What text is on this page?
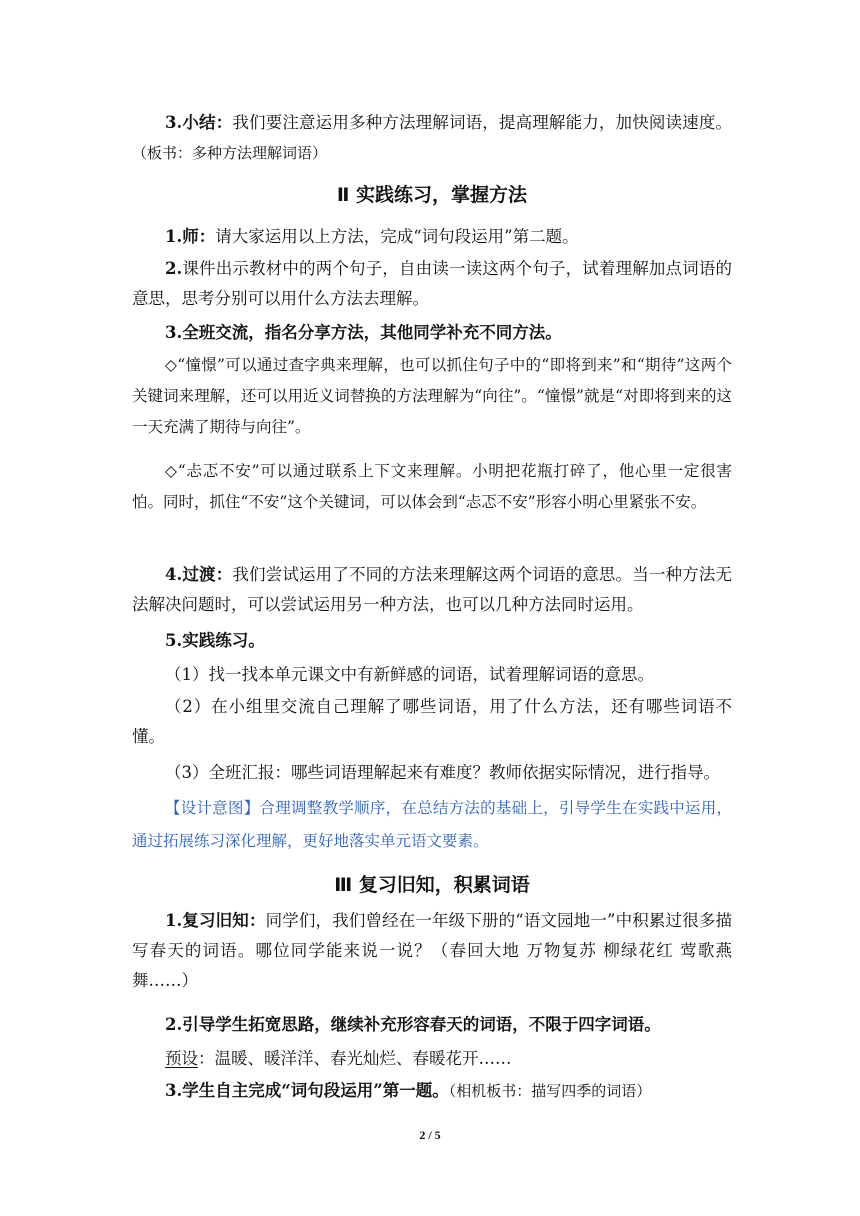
3.小结：我们要注意运用多种方法理解词语，提高理解能力，加快阅读速度。（板书：多种方法理解词语）
Ⅱ 实践练习，掌握方法
1.师：请大家运用以上方法，完成“词句段运用”第二题。
2.课件出示教材中的两个句子，自由读一读这两个句子，试着理解加点词语的意思，思考分别可以用什么方法去理解。
3.全班交流，指名分享方法，其他同学补充不同方法。
◇“憧憬”可以通过查字典来理解，也可以抓住句子中的“即将到来”和“期待”这两个关键词来理解，还可以用近义词替换的方法理解为“向往”。“憧憬”就是“对即将到来的这一天充满了期待与向往”。
◇“忐忑不安”可以通过联系上下文来理解。小明把花瓶打碎了，他心里一定很害怕。同时，抓住“不安”这个关键词，可以体会到“忐忑不安”形容小明心里紧张不安。
4.过渡：我们尝试运用了不同的方法来理解这两个词语的意思。当一种方法无法解决问题时，可以尝试运用另一种方法，也可以几种方法同时运用。
5.实践练习。
（1）找一找本单元课文中有新鲜感的词语，试着理解词语的意思。
（2）在小组里交流自己理解了哪些词语，用了什么方法，还有哪些词语不懂。
（3）全班汇报：哪些词语理解起来有难度？教师依据实际情况，进行指导。
【设计意图】合理调整教学顺序，在总结方法的基础上，引导学生在实践中运用，通过拓展练习深化理解，更好地落实单元语文要素。
Ⅲ 复习旧知，积累词语
1.复习旧知：同学们，我们曾经在一年级下册的“语文园地一”中积累过很多描写春天的词语。哪位同学能来说一说？（春回大地 万物复苏 柳绿花红 莺歌燕舞……）
2.引导学生拓宽思路，继续补充形容春天的词语，不限于四字词语。
预设：温暖、暖洋洋、春光灿烂、春暖花开……
3.学生自主完成“词句段运用”第一题。（相机板书：描写四季的词语）
2 / 5
